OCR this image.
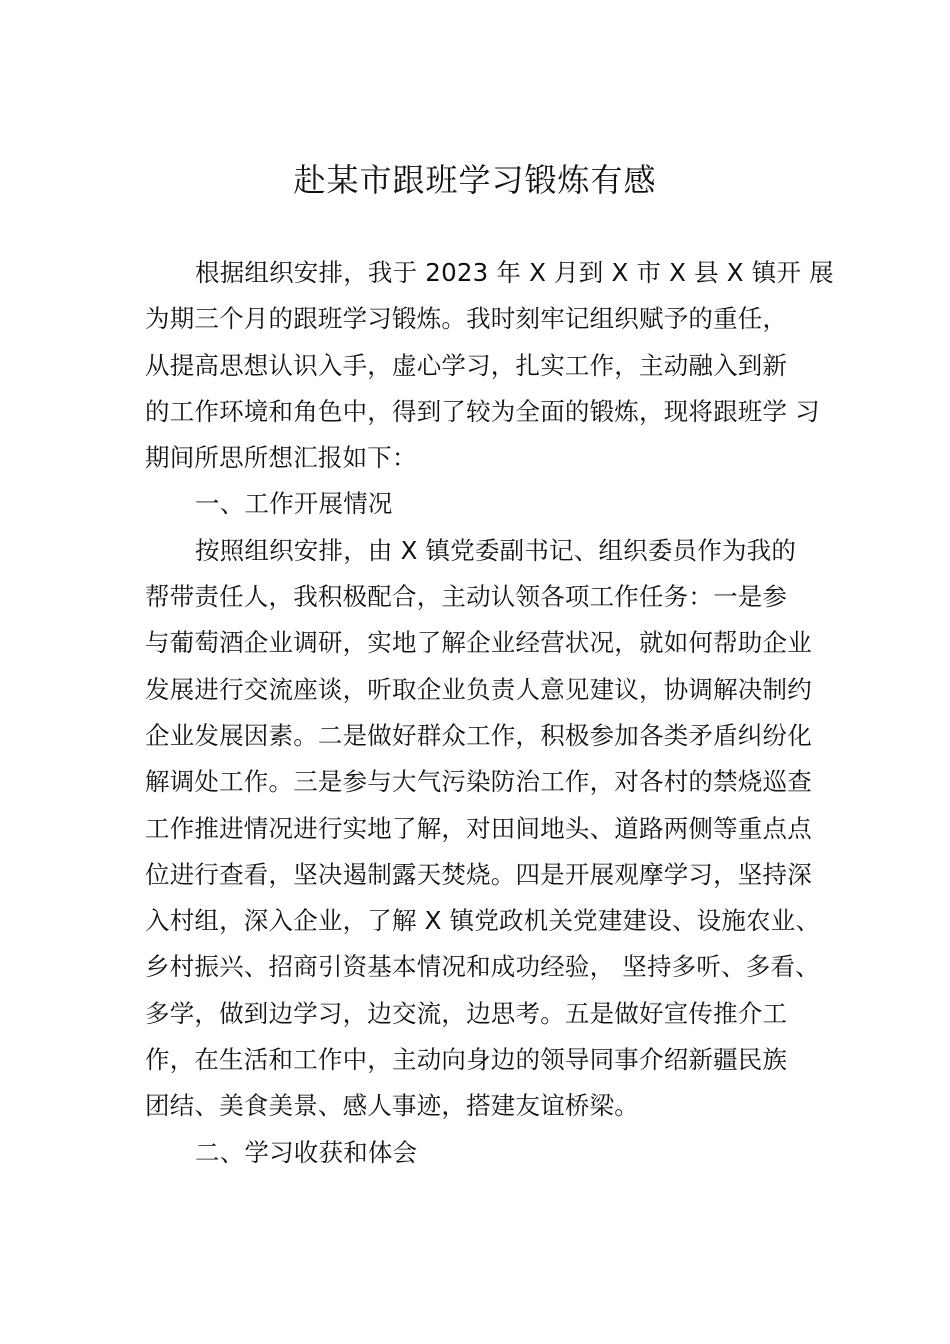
赴某市跟班学习锻炼有感
根据组织安排，我于 2023 年 X 月到 X 市 X 县 X 镇开 展
为期三个月的跟班学习锻炼。我时刻牢记组织赋予的重任，
从提高思想认识入手，虚心学习，扎实工作，主动融入到新
的工作环境和角色中，得到了较为全面的锻炼，现将跟班学 习
期间所思所想汇报如下：
一、工作开展情况
按照组织安排，由 X 镇党委副书记、组织委员作为我的
帮带责任人，我积极配合，主动认领各项工作任务：一是参
与葡萄酒企业调研，实地了解企业经营状况，就如何帮助企业
发展进行交流座谈，听取企业负责人意见建议，协调解决制约
企业发展因素。二是做好群众工作，积极参加各类矛盾纠纷化
解调处工作。三是参与大气污染防治工作，对各村的禁烧巡查
工作推进情况进行实地了解，对田间地头、道路两侧等重点点
位进行查看，坚决遏制露天焚烧。四是开展观摩学习，坚持深
入村组，深入企业，了解 X 镇党政机关党建建设、设施农业、
乡村振兴、招商引资基本情况和成功经验， 坚持多听、多看、
多学，做到边学习，边交流，边思考。五是做好宣传推介工
作，在生活和工作中，主动向身边的领导同事介绍新疆民族
团结、美食美景、感人事迹，搭建友谊桥梁。
二、学习收获和体会
